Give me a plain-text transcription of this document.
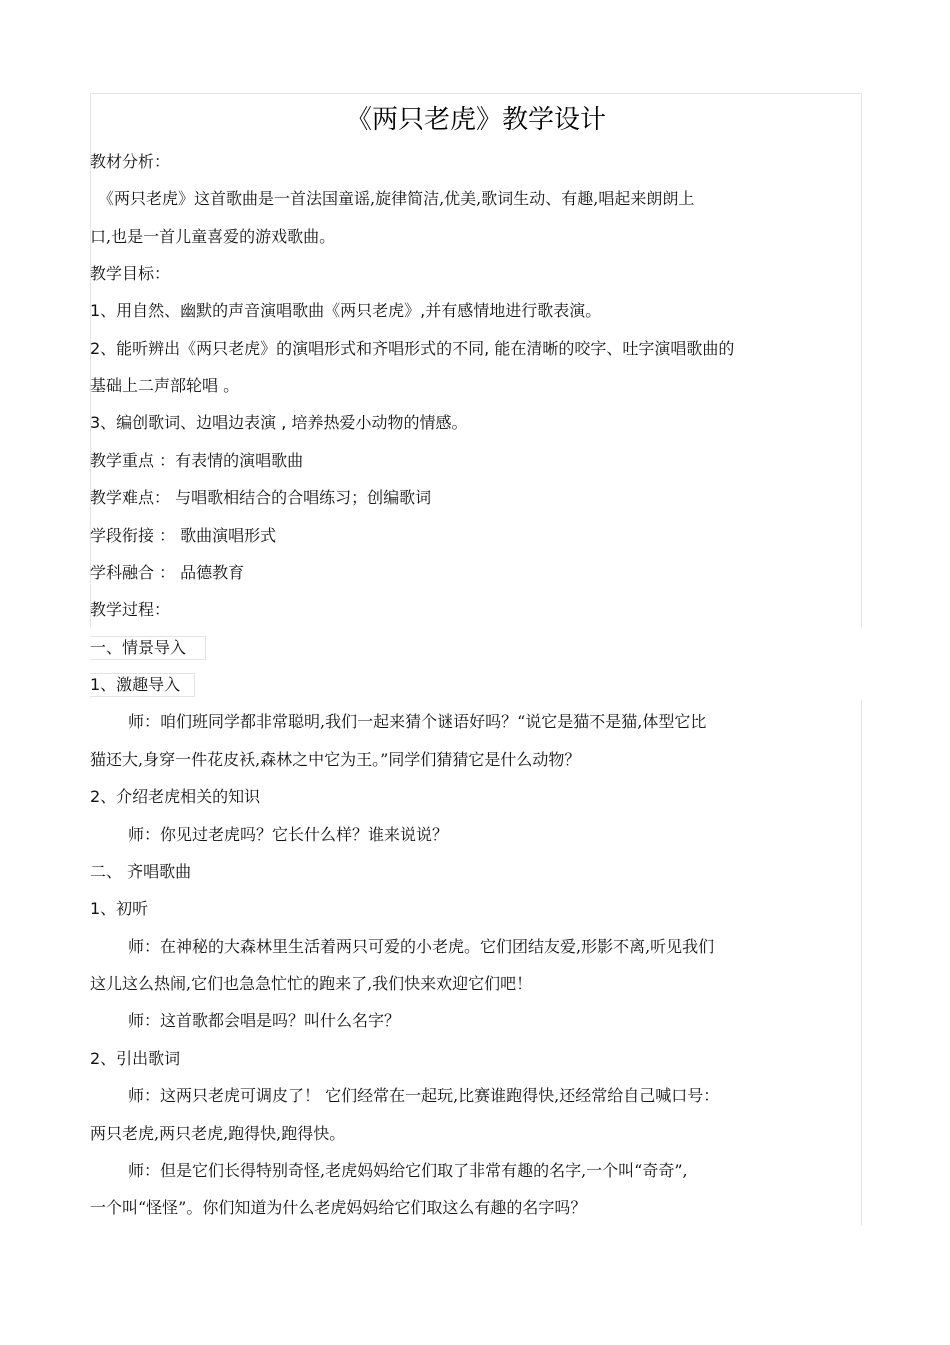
《两只老虎》教学设计
教材分析：
《两只老虎》这首歌曲是一首法国童谣,旋律简洁,优美,歌词生动、有趣,唱起来朗朗上
口,也是一首儿童喜爱的游戏歌曲。
教学目标：
1、用自然、幽默的声音演唱歌曲《两只老虎》,并有感情地进行歌表演。
2、能听辨出《两只老虎》的演唱形式和齐唱形式的不同, 能在清晰的咬字、吐字演唱歌曲的
基础上二声部轮唱 。
3、编创歌词、边唱边表演 , 培养热爱小动物的情感。
教学重点 ：有表情的演唱歌曲
教学难点： 与唱歌相结合的合唱练习；创编歌词
学段衔接 ： 歌曲演唱形式
学科融合 ： 品德教育
教学过程：
一、情景导入
1、激趣导入
师：咱们班同学都非常聪明,我们一起来猜个谜语好吗？“说它是猫不是猫,体型它比
猫还大,身穿一件花皮袄,森林之中它为王。”同学们猜猜它是什么动物？
2、介绍老虎相关的知识
师：你见过老虎吗？它长什么样？谁来说说？
二、 齐唱歌曲
1、初听
师：在神秘的大森林里生活着两只可爱的小老虎。它们团结友爱,形影不离,听见我们
这儿这么热闹,它们也急急忙忙的跑来了,我们快来欢迎它们吧！
师：这首歌都会唱是吗？叫什么名字？
2、引出歌词
师：这两只老虎可调皮了！ 它们经常在一起玩,比赛谁跑得快,还经常给自己喊口号：
两只老虎,两只老虎,跑得快,跑得快。
师：但是它们长得特别奇怪,老虎妈妈给它们取了非常有趣的名字,一个叫“奇奇”,
一个叫“怪怪”。你们知道为什么老虎妈妈给它们取这么有趣的名字吗？
